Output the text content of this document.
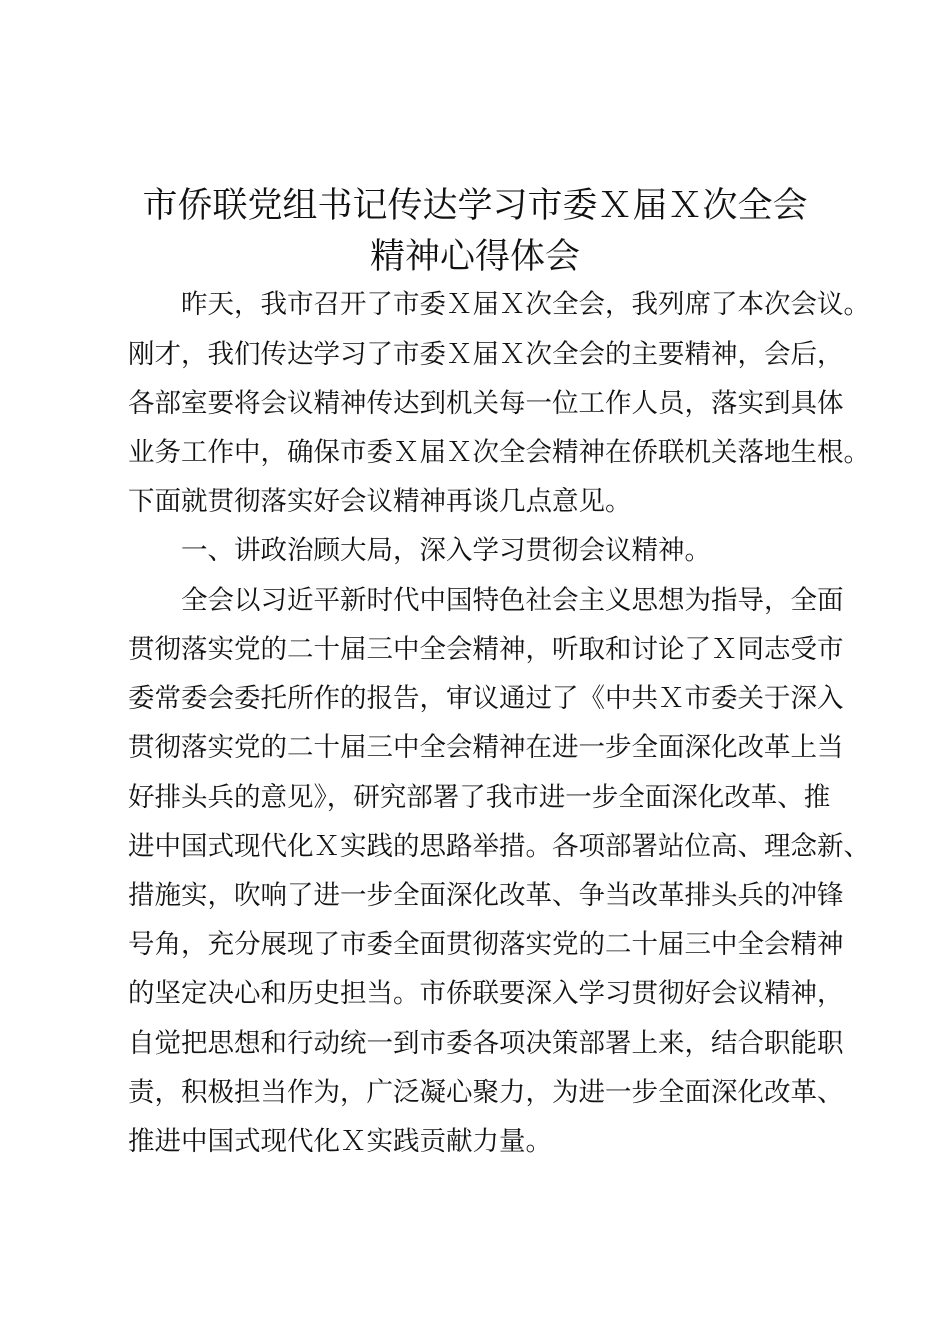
市侨联党组书记传达学习市委Ｘ届Ｘ次全会
精神心得体会
　　昨天，我市召开了市委Ｘ届Ｘ次全会，我列席了本次会议。
刚才，我们传达学习了市委Ｘ届Ｘ次全会的主要精神，会后，
各部室要将会议精神传达到机关每一位工作人员，落实到具体
业务工作中，确保市委Ｘ届Ｘ次全会精神在侨联机关落地生根。
下面就贯彻落实好会议精神再谈几点意见。
　　一、讲政治顾大局，深入学习贯彻会议精神。
　　全会以习近平新时代中国特色社会主义思想为指导，全面
贯彻落实党的二十届三中全会精神，听取和讨论了Ｘ同志受市
委常委会委托所作的报告，审议通过了《中共Ｘ市委关于深入
贯彻落实党的二十届三中全会精神在进一步全面深化改革上当
好排头兵的意见》，研究部署了我市进一步全面深化改革、推
进中国式现代化Ｘ实践的思路举措。各项部署站位高、理念新、
措施实，吹响了进一步全面深化改革、争当改革排头兵的冲锋
号角，充分展现了市委全面贯彻落实党的二十届三中全会精神
的坚定决心和历史担当。市侨联要深入学习贯彻好会议精神，
自觉把思想和行动统一到市委各项决策部署上来，结合职能职
责，积极担当作为，广泛凝心聚力，为进一步全面深化改革、
推进中国式现代化Ｘ实践贡献力量。
